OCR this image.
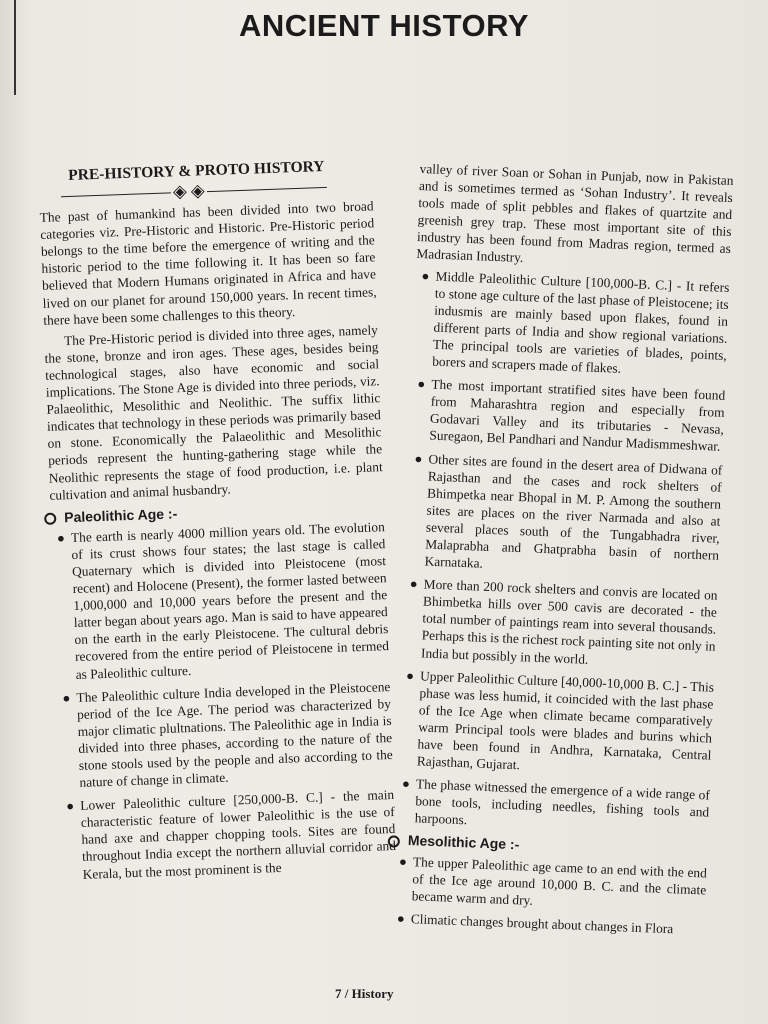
ANCIENT HISTORY
PRE-HISTORY & PROTO HISTORY
◈ ◈

The past of humankind has been divided into two broad categories viz. Pre-Historic and Historic. Pre-Historic period belongs to the time before the emergence of writing and the historic period to the time following it. It has been so fare believed that Modern Humans originated in Africa and have lived on our planet for around 150,000 years. In recent times, there have been some challenges to this theory.

The Pre-Historic period is divided into three ages, namely the stone, bronze and iron ages. These ages, besides being technological stages, also have economic and social implications. The Stone Age is divided into three periods, viz. Palaeolithic, Mesolithic and Neolithic. The suffix lithic indicates that technology in these periods was primarily based on stone. Economically the Palaeolithic and Mesolithic periods represent the hunting-gathering stage while the Neolithic represents the stage of food production, i.e. plant cultivation and animal husbandry.

Paleolithic Age :-
● The earth is nearly 4000 million years old. The evolution of its crust shows four states; the last stage is called Quaternary which is divided into Pleistocene (most recent) and Holocene (Present), the former lasted between 1,000,000 and 10,000 years before the present and the latter began about years ago. Man is said to have appeared on the earth in the early Pleistocene. The cultural debris recovered from the entire period of Pleistocene in termed as Paleolithic culture.
● The Paleolithic culture India developed in the Pleistocene period of the Ice Age. The period was characterized by major climatic plultnations. The Paleolithic age in India is divided into three phases, according to the nature of the stone stools used by the people and also according to the nature of change in climate.
● Lower Paleolithic culture [250,000-B. C.] - the main characteristic feature of lower Paleolithic is the use of hand axe and chapper chopping tools. Sites are found throughout India except the northern alluvial corridor and Kerala, but the most prominent is the

valley of river Soan or Sohan in Punjab, now in Pakistan and is sometimes termed as ‘Sohan Industry’. It reveals tools made of split pebbles and flakes of quartzite and greenish grey trap. These most important site of this industry has been found from Madras region, termed as Madrasian Industry.

● Middle Paleolithic Culture [100,000-B. C.] - It refers to stone age culture of the last phase of Pleistocene; its indusmis are mainly based upon flakes, found in different parts of India and show regional variations. The principal tools are varieties of blades, points, borers and scrapers made of flakes.
● The most important stratified sites have been found from Maharashtra region and especially from Godavari Valley and its tributaries - Nevasa, Suregaon, Bel Pandhari and Nandur Madismmeshwar.
● Other sites are found in the desert area of Didwana of Rajasthan and the cases and rock shelters of Bhimpetka near Bhopal in M. P. Among the southern sites are places on the river Narmada and also at several places south of the Tungabhadra river, Malaprabha and Ghatprabha basin of northern Karnataka.
● More than 200 rock shelters and convis are located on Bhimbetka hills over 500 cavis are decorated - the total number of paintings ream into several thousands. Perhaps this is the richest rock painting site not only in India but possibly in the world.
● Upper Paleolithic Culture [40,000-10,000 B. C.] - This phase was less humid, it coincided with the last phase of the Ice Age when climate became comparatively warm Principal tools were blades and burins which have been found in Andhra, Karnataka, Central Rajasthan, Gujarat.
● The phase witnessed the emergence of a wide range of bone tools, including needles, fishing tools and harpoons.
Mesolithic Age :-
● The upper Paleolithic age came to an end with the end of the Ice age around 10,000 B. C. and the climate became warm and dry.
● Climatic changes brought about changes in Flora
7 / History
